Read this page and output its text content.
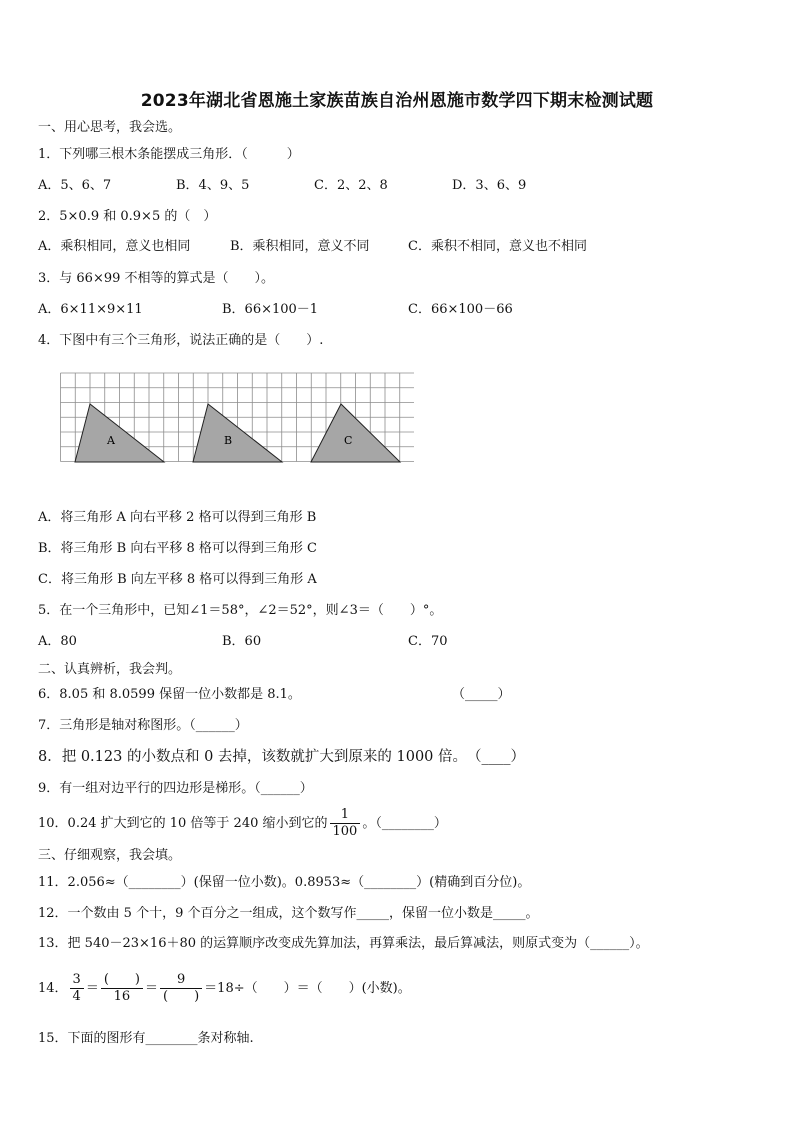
2023年湖北省恩施土家族苗族自治州恩施市数学四下期末检测试题
一、用心思考，我会选。
1．下列哪三根木条能摆成三角形．（　　　）
A．5、6、7	B．4、9、5	C．2、2、8	D．3、6、9
2．5×0.9 和 0.9×5 的（　）
A．乘积相同，意义也相同	B．乘积相同，意义不同	C．乘积不相同，意义也不相同
3．与 66×99 不相等的算式是（　　）。
A．6×11×9×11	B．66×100－1	C．66×100－66
4．下图中有三个三角形，说法正确的是（　　）.
A	B	C
A．将三角形 A 向右平移 2 格可以得到三角形 B
B．将三角形 B 向右平移 8 格可以得到三角形 C
C．将三角形 B 向左平移 8 格可以得到三角形 A
5．在一个三角形中，已知∠1＝58°，∠2＝52°，则∠3＝（　　）°。
A．80	B．60	C．70
二、认真辨析，我会判。
6．8.05 和 8.0599 保留一位小数都是 8.1。	（_____）
7．三角形是轴对称图形。（______）
8．把 0.123 的小数点和 0 去掉，该数就扩大到原来的 1000 倍。　（____）
9．有一组对边平行的四边形是梯形。（______）
10．0.24 扩大到它的 10 倍等于 240 缩小到它的 $\frac{1}{100}$ 。（________）
三、仔细观察，我会填。
11．2.056≈（________）(保留一位小数)。0.8953≈（________）(精确到百分位)。
12．一个数由 5 个十，9 个百分之一组成，这个数写作_____，保留一位小数是_____。
13．把 540－23×16＋80 的运算顺序改变成先算加法，再算乘法，最后算减法，则原式变为（______）。
14． $\frac{3}{4} = \frac{( )}{16} = \frac{9}{( )} =18\div$（　　）＝（　　）(小数)。
15．下面的图形有________条对称轴.
